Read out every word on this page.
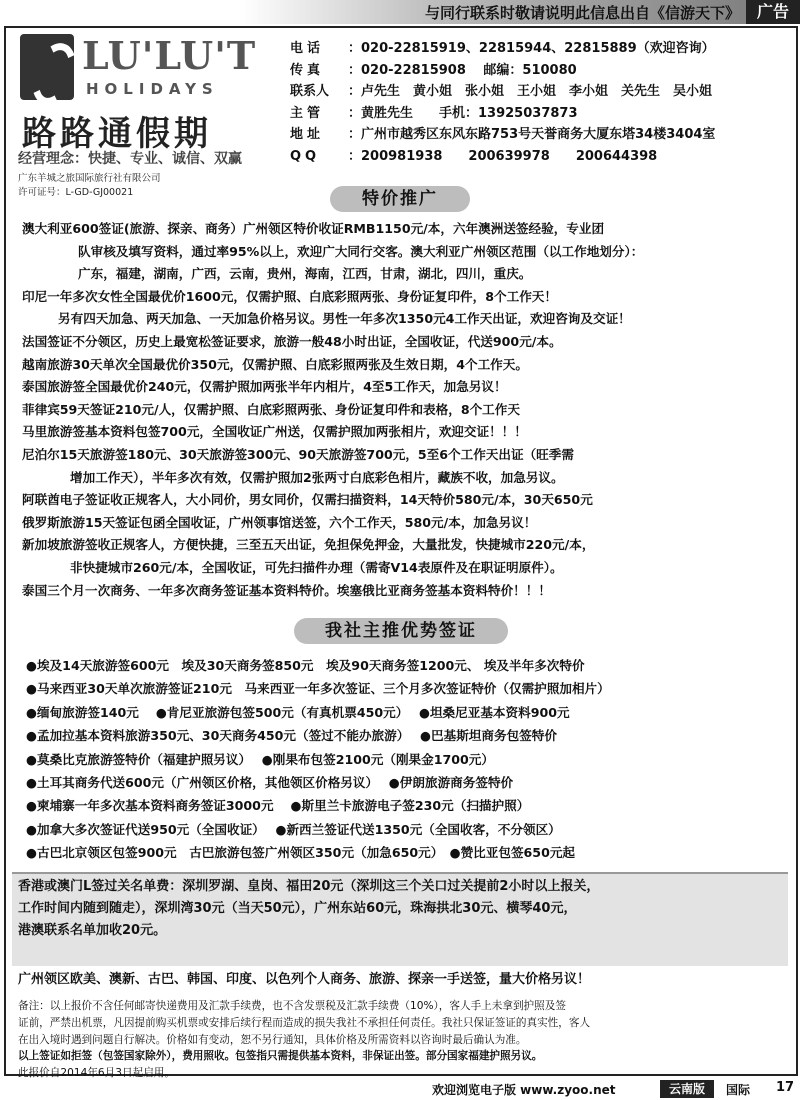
与同行联系时敬请说明此信息出自《信游天下》	广告
LU'LU'T
HOLIDAYS
路路通假期
经营理念：快捷、专业、诚信、双赢
广东羊城之旅国际旅行社有限公司
许可证号：L-GD-GJ00021
电话 ：020-22815919、22815944、22815889（欢迎咨询）
传真 ：020-22815908　 邮编：510080
联系人 ：卢先生　黄小姐　张小姐　王小姐　李小姐　关先生　吴小姐
主管 ：黄胜先生　　手机：13925037873
地址 ：广州市越秀区东风东路753号天誉商务大厦东塔34楼3404室
QQ ：200981938　　200639978　　200644398
特价推广
澳大利亚600签证(旅游、探亲、商务）广州领区特价收证RMB1150元/本，六年澳洲送签经验，专业团
队审核及填写资料，通过率95%以上，欢迎广大同行交客。澳大利亚广州领区范围（以工作地划分）：
广东，福建，湖南，广西，云南，贵州，海南，江西，甘肃，湖北，四川，重庆。
印尼一年多次女性全国最优价1600元，仅需护照、白底彩照两张、身份证复印件，8个工作天！
另有四天加急、两天加急、一天加急价格另议。男性一年多次1350元4工作天出证，欢迎咨询及交证！
法国签证不分领区，历史上最宽松签证要求，旅游一般48小时出证，全国收证，代送900元/本。
越南旅游30天单次全国最优价350元，仅需护照、白底彩照两张及生效日期，4个工作天。
泰国旅游签全国最优价240元，仅需护照加两张半年内相片，4至5工作天，加急另议！
菲律宾59天签证210元/人，仅需护照、白底彩照两张、身份证复印件和表格，8个工作天
马里旅游签基本资料包签700元，全国收证广州送，仅需护照加两张相片，欢迎交证！！！
尼泊尔15天旅游签180元、30天旅游签300元、90天旅游签700元，5至6个工作天出证（旺季需
增加工作天），半年多次有效，仅需护照加2张两寸白底彩色相片，藏族不收，加急另议。
阿联酋电子签证收正规客人，大小同价，男女同价，仅需扫描资料，14天特价580元/本，30天650元
俄罗斯旅游15天签证包函全国收证，广州领事馆送签，六个工作天，580元/本，加急另议！
新加坡旅游签收正规客人，方便快捷，三至五天出证，免担保免押金，大量批发，快捷城市220元/本，
非快捷城市260元/本，全国收证，可先扫描件办理（需寄V14表原件及在职证明原件）。
泰国三个月一次商务、一年多次商务签证基本资料特价。埃塞俄比亚商务签基本资料特价！！！
我社主推优势签证
●埃及14天旅游签600元　埃及30天商务签850元　埃及90天商务签1200元、 埃及半年多次特价
●马来西亚30天单次旅游签证210元　马来西亚一年多次签证、三个月多次签证特价（仅需护照加相片）
●缅甸旅游签140元　 ●肯尼亚旅游包签500元（有真机票450元）　 ●坦桑尼亚基本资料900元
●孟加拉基本资料旅游350元、30天商务450元（签过不能办旅游）　 ●巴基斯坦商务包签特价
●莫桑比克旅游签特价（福建护照另议）　 ●刚果布包签2100元（刚果金1700元）
●土耳其商务代送600元（广州领区价格，其他领区价格另议）　 ●伊朗旅游商务签特价
●柬埔寨一年多次基本资料商务签证3000元　 ●斯里兰卡旅游电子签230元（扫描护照）
●加拿大多次签证代送950元（全国收证）　 ●新西兰签证代送1350元（全国收客，不分领区）
●古巴北京领区包签900元　古巴旅游包签广州领区350元（加急650元）　●赞比亚包签650元起
香港或澳门L签过关名单费：深圳罗湖、皇岗、福田20元（深圳这三个关口过关提前2小时以上报关，
工作时间内随到随走），深圳湾30元（当天50元），广州东站60元，珠海拱北30元、横琴40元，
港澳联系名单加收20元。
广州领区欧美、澳新、古巴、韩国、印度、以色列个人商务、旅游、探亲一手送签，量大价格另议！
备注：以上报价不含任何邮寄快递费用及汇款手续费，也不含发票税及汇款手续费（10%），客人手上未拿到护照及签
证前，严禁出机票，凡因提前购买机票或安排后续行程而造成的损失我社不承担任何责任。我社只保证签证的真实性，客人
在出入境时遇到问题自行解决。价格如有变动，恕不另行通知，具体价格及所需资料以咨询时最后确认为准。
以上签证如拒签（包签国家除外），费用照收。包签指只需提供基本资料，非保证出签。部分国家福建护照另议。
此报价自2014年6月3日起启用。
欢迎浏览电子版 www.zyoo.net	云南版	国际 17
